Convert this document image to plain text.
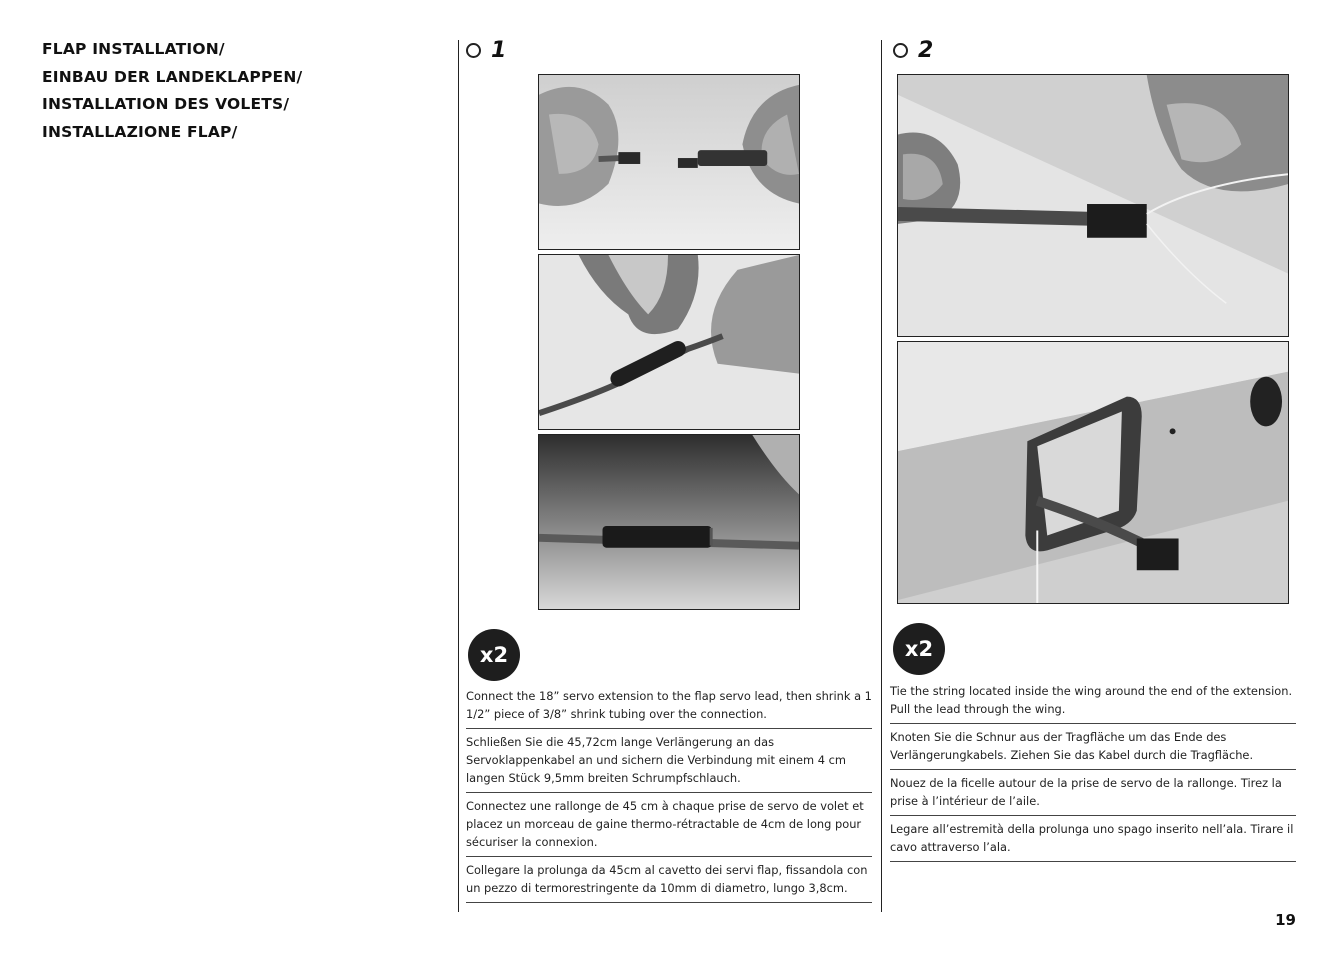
FLAP INSTALLATION/
EINBAU DER LANDEKLAPPEN/
INSTALLATION DES VOLETS/
INSTALLAZIONE FLAP/
1
x2
Connect the 18” servo extension to the flap servo lead, then shrink a 1 1/2” piece of 3/8” shrink tubing over the connection.
Schließen Sie die 45,72cm lange Verlängerung an das Servoklappenkabel an und sichern die Verbindung mit einem 4 cm langen Stück 9,5mm breiten Schrumpfschlauch.
Connectez une rallonge de 45 cm à chaque prise de servo de volet et placez un morceau de gaine thermo-rétractable de 4cm de long pour sécuriser la connexion.
Collegare la prolunga da 45cm al cavetto dei servi flap, fissandola con un pezzo di termorestringente da 10mm di diametro, lungo 3,8cm.
2
x2
Tie the string located inside the wing around the end of the extension. Pull the lead through the wing.
Knoten Sie die Schnur aus der Tragfläche um das Ende des Verlängerungkabels. Ziehen Sie das Kabel durch die Tragfläche.
Nouez de la ficelle autour de la prise de servo de la rallonge. Tirez la prise à l’intérieur de l’aile.
Legare all’estremità della prolunga uno spago inserito nell’ala. Tirare il cavo attraverso l’ala.
19
